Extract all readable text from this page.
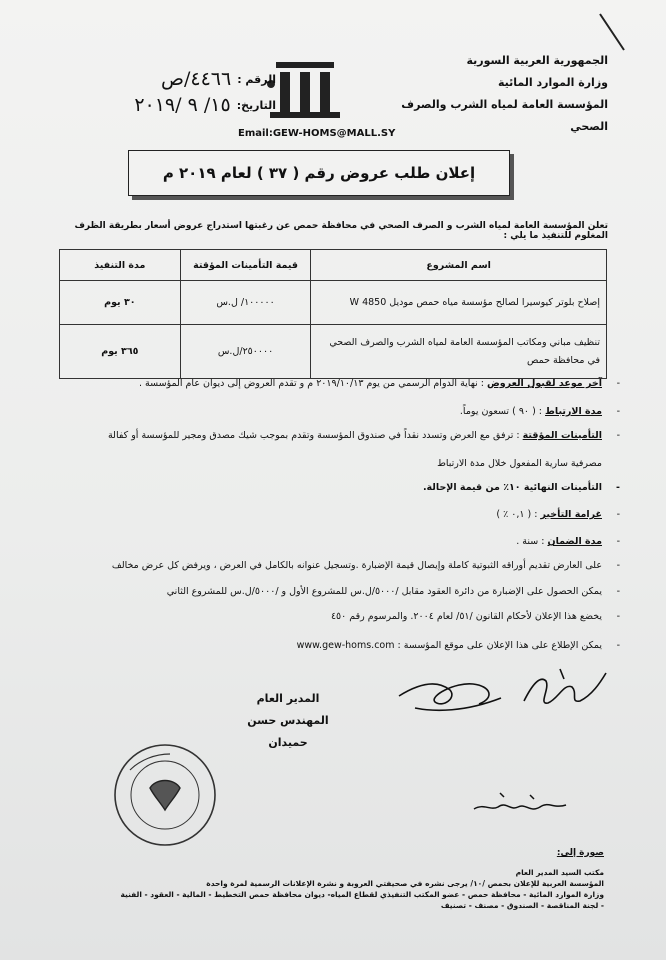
الجمهورية العربية السورية
وزارة الموارد المائية
المؤسسة العامة لمياه الشرب والصرف الصحي
الرقم :
٤٤٦٦/ص
التاريخ:
١٥/ ٩ /٢٠١٩
Email:GEW-HOMS@MALL.SY
إعلان طلب عروض رقم ( ٣٧ ) لعام ٢٠١٩ م
تعلن المؤسسة العامة لمياه الشرب و الصرف الصحي في محافظة حمص عن رغبتها استدراج عروض أسعار بطريقة الظرف المغلوم للتنفيذ ما يلي :
اسم المشروع	قيمة التأمينات المؤقتة	مدة التنفيذ
إصلاح بلوتر كيوسيرا لصالح مؤسسة مياه حمص موديل 4850 W	١٠٠٠٠٠/ ل.س	٣٠ يوم
تنظيف مباني ومكاتب المؤسسة العامة لمياه الشرب والصرف الصحي في محافظة حمص	٢٥٠٠٠٠/ل.س	٣٦٥ يوم
-
آخر موعد لقبول العروض : نهاية الدوام الرسمي من يوم ٢٠١٩/١٠/١٣ م و تقدم العروض إلى ديوان عام المؤسسة .
-
مدة الارتباط : ( ٩٠ ) تسعون يوماً.
-
التأمينات المؤقتة : ترفق مع العرض وتسدد نقداً في صندوق المؤسسة وتقدم بموجب شيك مصدق ومجير للمؤسسة أو كفالة
مصرفية سارية المفعول خلال مدة الارتباط
-
التأمينات النهائية ١٠٪ من قيمة الإحالة.
-
غرامة التأخير : ( ٠,١ ٪ )
-
مدة الضمان : سنة .
-
على العارض تقديم أوراقه الثبوتية كاملة وإيصال قيمة الإضبارة .وتسجيل عنوانه بالكامل في العرض ، ويرفض كل عرض مخالف
-
يمكن الحصول على الإضبارة من دائرة العقود مقابل /٥٠٠٠/ل.س للمشروع الأول و /٥٠٠٠/ل.س للمشروع الثاني
-
يخضع هذا الإعلان لأحكام القانون /٥١/ لعام ٢٠٠٤. والمرسوم رقم ٤٥٠
-
يمكن الإطلاع على هذا الإعلان على موقع المؤسسة : www.gew-homs.com
المدير العام
المهندس حسن حميدان
صورة إلى:
مكتب السيد المدير العام
المؤسسة العربية للإعلان بحمص /١٠/ يرجى نشره في صحيفتي العروبة و نشرة الإعلانات الرسمية لمرة واحدة
وزارة الموارد المائية - محافظة حمص - عضو المكتب التنفيذي لقطاع المياه- ديوان محافظة حمص التخطيط - المالية - العقود - الفنية
- لجنة المناقصة - الصندوق - مصنف - تصنيف
